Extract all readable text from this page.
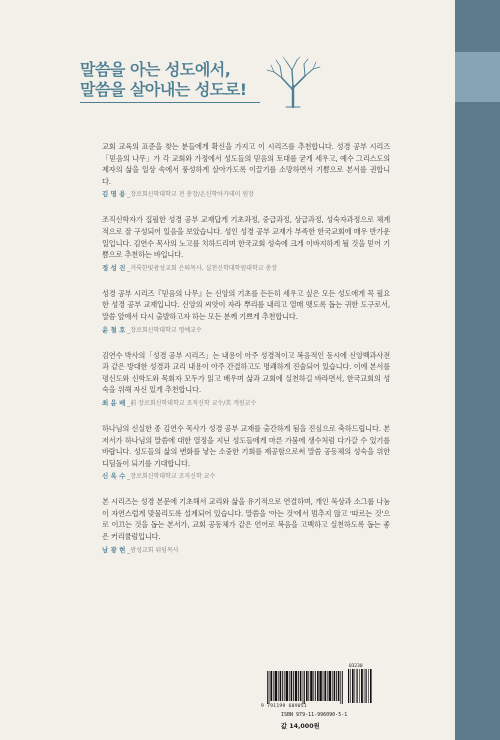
말씀을 아는 성도에서,
말씀을 살아내는 성도로!

교회 교육의 표준을 찾는 분들에게 확신을 가지고 이 시리즈를 추천합니다. 성경 공부 시리즈「믿음의 나무」가 각 교회와 가정에서 성도들의 믿음의 토대를 굳게 세우고, 예수 그리스도의 제자의 삶을 일상 속에서 풍성하게 살아가도록 이끌기를 소망하면서 기쁨으로 본서를 권합니다.

김 명 용 _장로회신학대학교 전 총장/온신학아카데미 원장

조직신학자가 집필한 성경 공부 교재답게 기초과정, 중급과정, 상급과정, 성숙자과정으로 체계적으로 잘 구성되어 있음을 보았습니다. 성인 성경 공부 교재가 부족한 한국교회에 매우 반가운 일입니다. 김연수 목사의 노고를 치하드리며 한국교회 성숙에 크게 이바지하게 될 것을 믿어 기쁨으로 추천하는 바입니다.

정 성 진 _거룩한빛광성교회 은퇴목사, 실천신학대학원대학교 총장

성경 공부 시리즈『믿음의 나무』는 신앙의 기초를 든든히 세우고 싶은 모든 성도에게 꼭 필요한 성경 공부 교재입니다. 신앙의 씨앗이 자라 뿌리를 내리고 열매 맺도록 돕는 귀한 도구로서, 말씀 앞에서 다시 출발하고자 하는 모든 분께 기쁘게 추천합니다.

윤 철 호 _장로회신학대학교 명예교수

김연수 박사의「성경 공부 시리즈」는 내용이 아주 성경적이고 복음적인 동시에 신앙백과사전과 같은 방대한 성경과 교리 내용이 아주 간결하고도 명쾌하게 진술되어 있습니다. 이에 본서를 평신도와 신학도와 목회자 모두가 읽고 배우며 삶과 교회에 실천하길 바라면서, 한국교회의 성숙을 위해 자신 있게 추천합니다.

최 윤 배 _前 장로회신학대학교 조직신학 교수/美 객원교수

하나님의 신실한 종 김연수 목사가 성경 공부 교재를 출간하게 됨을 진심으로 축하드립니다. 본 저서가 하나님의 말씀에 대한 열정을 지닌 성도들에게 마른 가뭄에 생수처럼 다가갈 수 있기를 바랍니다. 성도들의 삶의 변화를 낳는 소중한 기회를 제공함으로써 말씀 공동체의 성숙을 위한 디딤돌이 되기를 기대합니다.

신 옥 수 _장로회신학대학교 조직신학 교수

본 시리즈는 성경 본문에 기초해서 교리와 삶을 유기적으로 연결하며, 개인 묵상과 소그룹 나눔이 자연스럽게 맞물리도록 설계되어 있습니다. 말씀을 '아는 것'에서 멈추지 않고 '따르는 것'으로 이끄는 것을 돕는 본서가, 교회 공동체가 같은 언어로 복음을 고백하고 실천하도록 돕는 좋은 커리큘럼입니다.

남 광 현 _광성교회 위임목사
03230
9 791199 609051
ISBN 979-11-996090-5-1
값 14,000원
